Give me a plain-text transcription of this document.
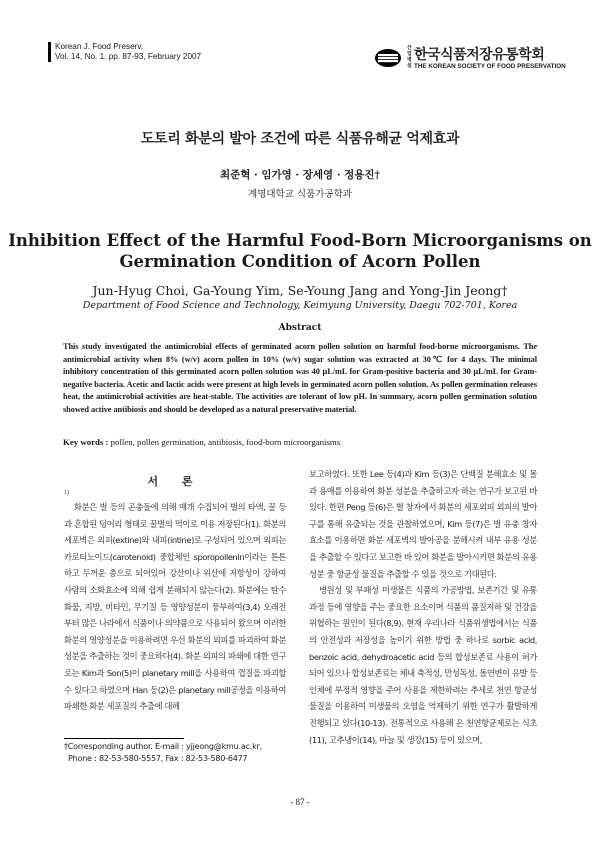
Korean J. Food Preserv.
Vol. 14, No. 1. pp. 87-93, February 2007
산업 병설
한국식품저장유통학회
THE KOREAN SOCIETY OF FOOD PRESERVATION
도토리 화분의 발아 조건에 따른 식품유해균 억제효과
최준혁 · 임가영 · 장세영 · 정용진†
계명대학교 식품가공학과
Inhibition Effect of the Harmful Food-Born Microorganisms on
Germination Condition of Acorn Pollen
Jun-Hyug Choi, Ga-Young Yim, Se-Young Jang and Yong-Jin Jeong†
Department of Food Science and Technology, Keimyung University, Daegu 702-701, Korea
Abstract
This study investigated the antimicrobial effects of germinated acorn pollen solution on harmful food-borne microorganisms. The antimicrobial activity when 8% (w/v) acorn pollen in 10% (w/v) sugar solution was extracted at 30℃ for 4 days. The minimal inhibitory concentration of this germinated acorn pollen solution was 40 µL/mL for Gram-positive bacteria and 30 µL/mL for Gram-negative bacteria. Acetic and lactic acids were present at high levels in germinated acorn pollen solution. As pollen germination releases heat, the antimicrobial activities are heat-stable. The activities are tolerant of low pH. In summary, acorn pollen germination solution showed active antibiosis and should be developed as a natural preservative material.
Key words : pollen, pollen germination, antibiosis, food-born microorganisms
서 론
1)

화분은 벌 등의 곤충들에 의해 매개 수집되어 벌의 타액, 꿀 등과 혼합된 덩어리 형태로 꿀벌의 먹이로 이용 저장된다(1). 화분의 세포벽은 외피(extine)와 내피(intine)로 구성되어 있으며 외피는 카로티노이드(carotenoid) 중합체인 sporopollenin이라는 튼튼하고 두꺼운 층으로 되어있어 강산이나 위산에 저항성이 강하여 사람의 소화효소에 의해 쉽게 분해되지 않는다(2). 화분에는 탄수화물, 지방, 비타민, 무기질 등 영양성분이 풍부하여(3,4) 오래전부터 많은 나라에서 식품이나 의약품으로 사용되어 왔으며 이러한 화분의 영양성분을 이용하려면 우선 화분의 외피를 파괴하여 화분 성분을 추출하는 것이 중요하다(4). 화분 외피의 파쇄에 대한 연구로는 Kim과 Son(5)이 planetary mill을 사용하여 껍질을 파괴할 수 있다고 하였으며 Han 등(2)은 planetary mill공정을 이용하여 파쇄한 화분 세포질의 추출에 대해

보고하였다. 또한 Lee 등(4)과 Kim 등(3)은 단백질 분해효소 및 몰과 용매를 이용하여 화분 성분을 추출하고자 하는 연구가 보고된 바 있다. 한편 Peng 등(6)은 벌 창자에서 화분의 세포외피 외피의 발아구를 통해 유출되는 것을 관찰하였으며, Kim 등(7)은 벌 유충 창자 효소를 이용하면 화분 세포벽의 발아공을 분해시켜 내부 유용 성분을 추출할 수 있다고 보고한 바 있어 화분을 발아시키면 화분의 유용성분 중 항균성 물질을 추출할 수 있을 것으로 기대된다.

병원성 및 부패성 미생물은 식품의 가공방법, 보존기간 및 유통과정 등에 영향을 주는 중요한 요소이며 식품의 품질저하 및 건강을 위협하는 원인이 된다(8,9). 현재 우리나라 식품위생법에서는 식품의 안전성과 저장성을 높이기 위한 방법 중 하나로 sorbic acid, benzoic acid, dehydroacetic acid 등의 합성보존료 사용이 허가되어 있으나 합성보존료는 체내 축적성, 만성독성, 돌연변이 유발 등 인체에 부정적 영향을 주어 사용을 제한하려는 추세로 천연 항균성 물질을 이용하여 미생물의 오염을 억제하기 위한 연구가 활발하게 진행되고 있다(10-13). 전통적으로 사용해 온 천연항균제로는 식초(11), 고추냉이(14), 마늘 및 생강(15) 등이 있으며,

†Corresponding author. E-mail : yjjeong@kmu.ac.kr,
Phone : 82-53-580-5557, Fax : 82-53-580-6477
- 87 -
